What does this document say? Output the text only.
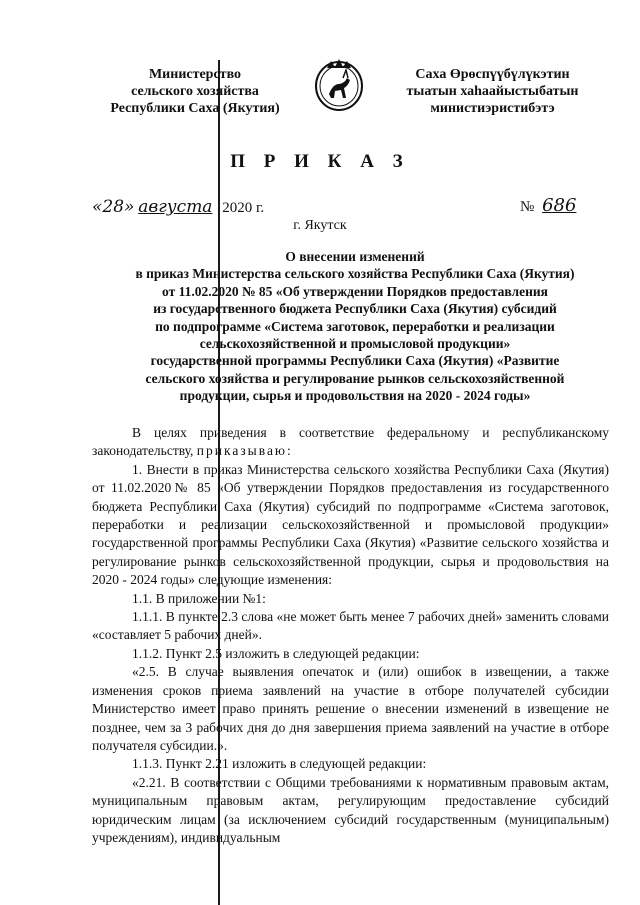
Министерство
сельского хозяйства
Республики Саха (Якутия)
Саха Өрөспүүбүлүкэтин
тыатын хаһаайыстыбатын
министиэристибэтэ
П Р И К А З
«28» августа 2020 г.	№ 686
г. Якутск
О внесении изменений
в приказ Министерства сельского хозяйства Республики Саха (Якутия)
от 11.02.2020 № 85 «Об утверждении Порядков предоставления
из государственного бюджета Республики Саха (Якутия) субсидий
по подпрограмме «Система заготовок, переработки и реализации
сельскохозяйственной и промысловой продукции»
государственной программы Республики Саха (Якутия) «Развитие
сельского хозяйства и регулирование рынков сельскохозяйственной
продукции, сырья и продовольствия на 2020 - 2024 годы»

В целях приведения в соответствие федеральному и республиканскому законодательству, приказываю:

1. Внести в приказ Министерства сельского хозяйства Республики Саха (Якутия) от 11.02.2020№ 85 «Об утверждении Порядков предоставления из государственного бюджета Республики Саха (Якутия) субсидий по подпрограмме «Система заготовок, переработки и реализации сельскохозяйственной и промысловой продукции» государственной программы Республики Саха (Якутия) «Развитие сельского хозяйства и регулирование рынков сельскохозяйственной продукции, сырья и продовольствия на 2020 - 2024 годы» следующие изменения:

1.1. В приложении №1:

1.1.1. В пункте 2.3 слова «не может быть менее 7 рабочих дней» заменить словами «составляет 5 рабочих дней».

1.1.2. Пункт 2.5 изложить в следующей редакции:

«2.5. В случае выявления опечаток и (или) ошибок в извещении, а также изменения сроков приема заявлений на участие в отборе получателей субсидии Министерство имеет право принять решение о внесении изменений в извещение не позднее, чем за 3 рабочих дня до дня завершения приема заявлений на участие в отборе получателя субсидии.».

1.1.3. Пункт 2.21 изложить в следующей редакции:

«2.21. В соответствии с Общими требованиями к нормативным правовым актам, муниципальным правовым актам, регулирующим предоставление субсидий юридическим лицам (за исключением субсидий государственным (муниципальным) учреждениям), индивидуальным
